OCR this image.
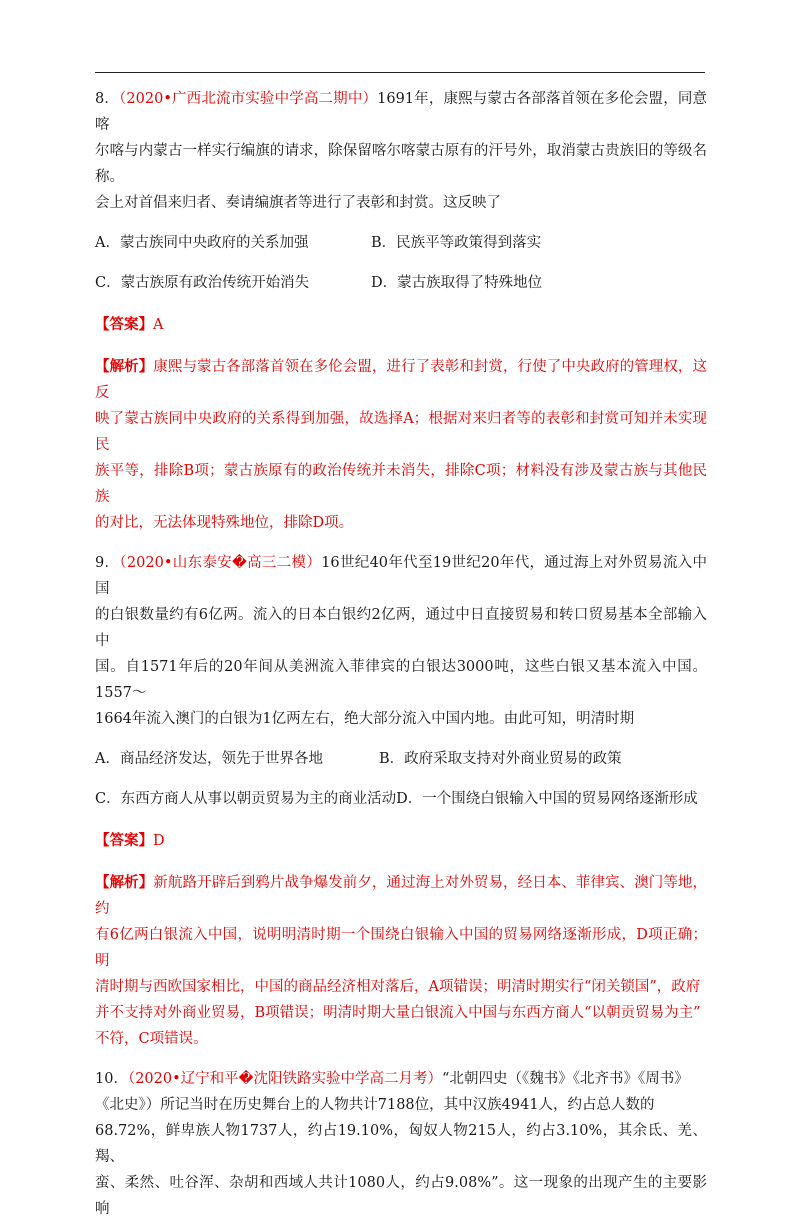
8．（2020•广西北流市实验中学高二期中）1691年，康熙与蒙古各部落首领在多伦会盟，同意喀
尔喀与内蒙古一样实行编旗的请求，除保留喀尔喀蒙古原有的汗号外，取消蒙古贵族旧的等级名称。
会上对首倡来归者、奏请编旗者等进行了表彰和封赏。这反映了

A．蒙古族同中央政府的关系加强	B．民族平等政策得到落实
C．蒙古族原有政治传统开始消失	D．蒙古族取得了特殊地位

【答案】A

【解析】康熙与蒙古各部落首领在多伦会盟，进行了表彰和封赏，行使了中央政府的管理权，这反
映了蒙古族同中央政府的关系得到加强，故选择A；根据对来归者等的表彰和封赏可知并未实现民
族平等，排除B项；蒙古族原有的政治传统并未消失，排除C项；材料没有涉及蒙古族与其他民族
的对比，无法体现特殊地位，排除D项。

9．（2020•山东泰安�高三二模）16世纪40年代至19世纪20年代，通过海上对外贸易流入中国
的白银数量约有6亿两。流入的日本白银约2亿两，通过中日直接贸易和转口贸易基本全部输入中
国。自1571年后的20年间从美洲流入菲律宾的白银达3000吨，这些白银又基本流入中国。1557～
1664年流入澳门的白银为1亿两左右，绝大部分流入中国内地。由此可知，明清时期

A．商品经济发达，领先于世界各地	B．政府采取支持对外商业贸易的政策
C．东西方商人从事以朝贡贸易为主的商业活动 D．一个围绕白银输入中国的贸易网络逐渐形成

【答案】D

【解析】新航路开辟后到鸦片战争爆发前夕，通过海上对外贸易，经日本、菲律宾、澳门等地，约
有6亿两白银流入中国，说明明清时期一个围绕白银输入中国的贸易网络逐渐形成，D项正确；明
清时期与西欧国家相比，中国的商品经济相对落后，A项错误；明清时期实行“闭关锁国”，政府
并不支持对外商业贸易，B项错误；明清时期大量白银流入中国与东西方商人“以朝贡贸易为主”
不符，C项错误。

10．（2020•辽宁和平�沈阳铁路实验中学高二月考）“北朝四史（《魏书》《北齐书》《周书》
《北史》）所记当时在历史舞台上的人物共计7188位，其中汉族4941人，约占总人数的
68.72%，鲜卑族人物1737人，约占19.10%，匈奴人物215人，约占3.10%，其余氐、羌、羯、
蛮、柔然、吐谷浑、杂胡和西域人共计1080人，约占9.08%”。这一现象的出现产生的主要影响
